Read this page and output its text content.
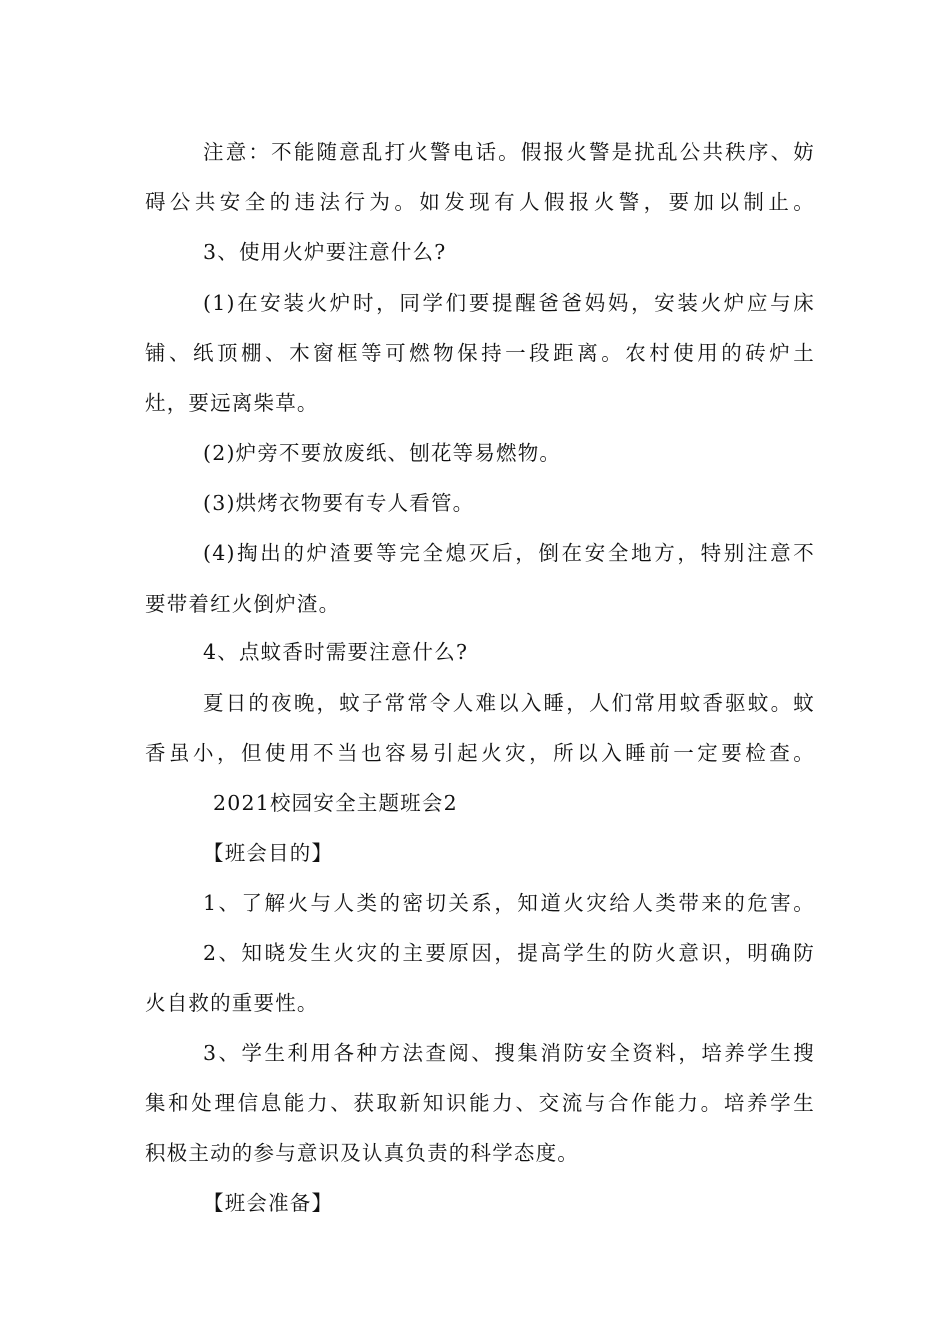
注意：不能随意乱打火警电话。假报火警是扰乱公共秩序、妨
碍公共安全的违法行为。如发现有人假报火警，要加以制止。
3、使用火炉要注意什么?
(1)在安装火炉时，同学们要提醒爸爸妈妈，安装火炉应与床
铺、纸顶棚、木窗框等可燃物保持一段距离。农村使用的砖炉土
灶，要远离柴草。
(2)炉旁不要放废纸、刨花等易燃物。
(3)烘烤衣物要有专人看管。
(4)掏出的炉渣要等完全熄灭后，倒在安全地方，特别注意不
要带着红火倒炉渣。
4、点蚊香时需要注意什么?
夏日的夜晚，蚊子常常令人难以入睡，人们常用蚊香驱蚊。蚊
香虽小，但使用不当也容易引起火灾，所以入睡前一定要检查。
2021校园安全主题班会2
【班会目的】
1、了解火与人类的密切关系，知道火灾给人类带来的危害。
2、知晓发生火灾的主要原因，提高学生的防火意识，明确防
火自救的重要性。
3、学生利用各种方法查阅、搜集消防安全资料，培养学生搜
集和处理信息能力、获取新知识能力、交流与合作能力。培养学生
积极主动的参与意识及认真负责的科学态度。
【班会准备】
